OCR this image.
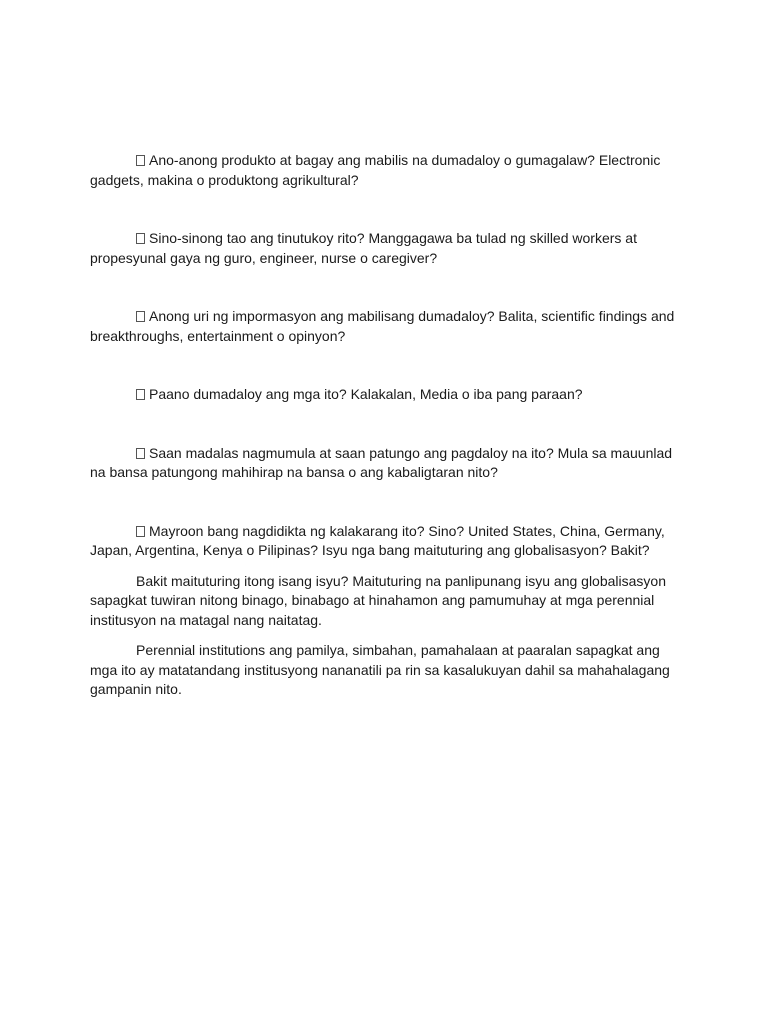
Ano-anong produkto at bagay ang mabilis na dumadaloy o gumagalaw? Electronic gadgets, makina o produktong agrikultural?

Sino-sinong tao ang tinutukoy rito? Manggagawa ba tulad ng skilled workers at propesyunal gaya ng guro, engineer, nurse o caregiver?

Anong uri ng impormasyon ang mabilisang dumadaloy? Balita, scientific findings and breakthroughs, entertainment o opinyon?

Paano dumadaloy ang mga ito? Kalakalan, Media o iba pang paraan?

Saan madalas nagmumula at saan patungo ang pagdaloy na ito? Mula sa mauunlad na bansa patungong mahihirap na bansa o ang kabaligtaran nito?

Mayroon bang nagdidikta ng kalakarang ito? Sino? United States, China, Germany, Japan, Argentina, Kenya o Pilipinas? Isyu nga bang maituturing ang globalisasyon? Bakit?

Bakit maituturing itong isang isyu? Maituturing na panlipunang isyu ang globalisasyon sapagkat tuwiran nitong binago, binabago at hinahamon ang pamumuhay at mga perennial institusyon na matagal nang naitatag.

Perennial institutions ang pamilya, simbahan, pamahalaan at paaralan sapagkat ang mga ito ay matatandang institusyong nananatili pa rin sa kasalukuyan dahil sa mahahalagang gampanin nito.
